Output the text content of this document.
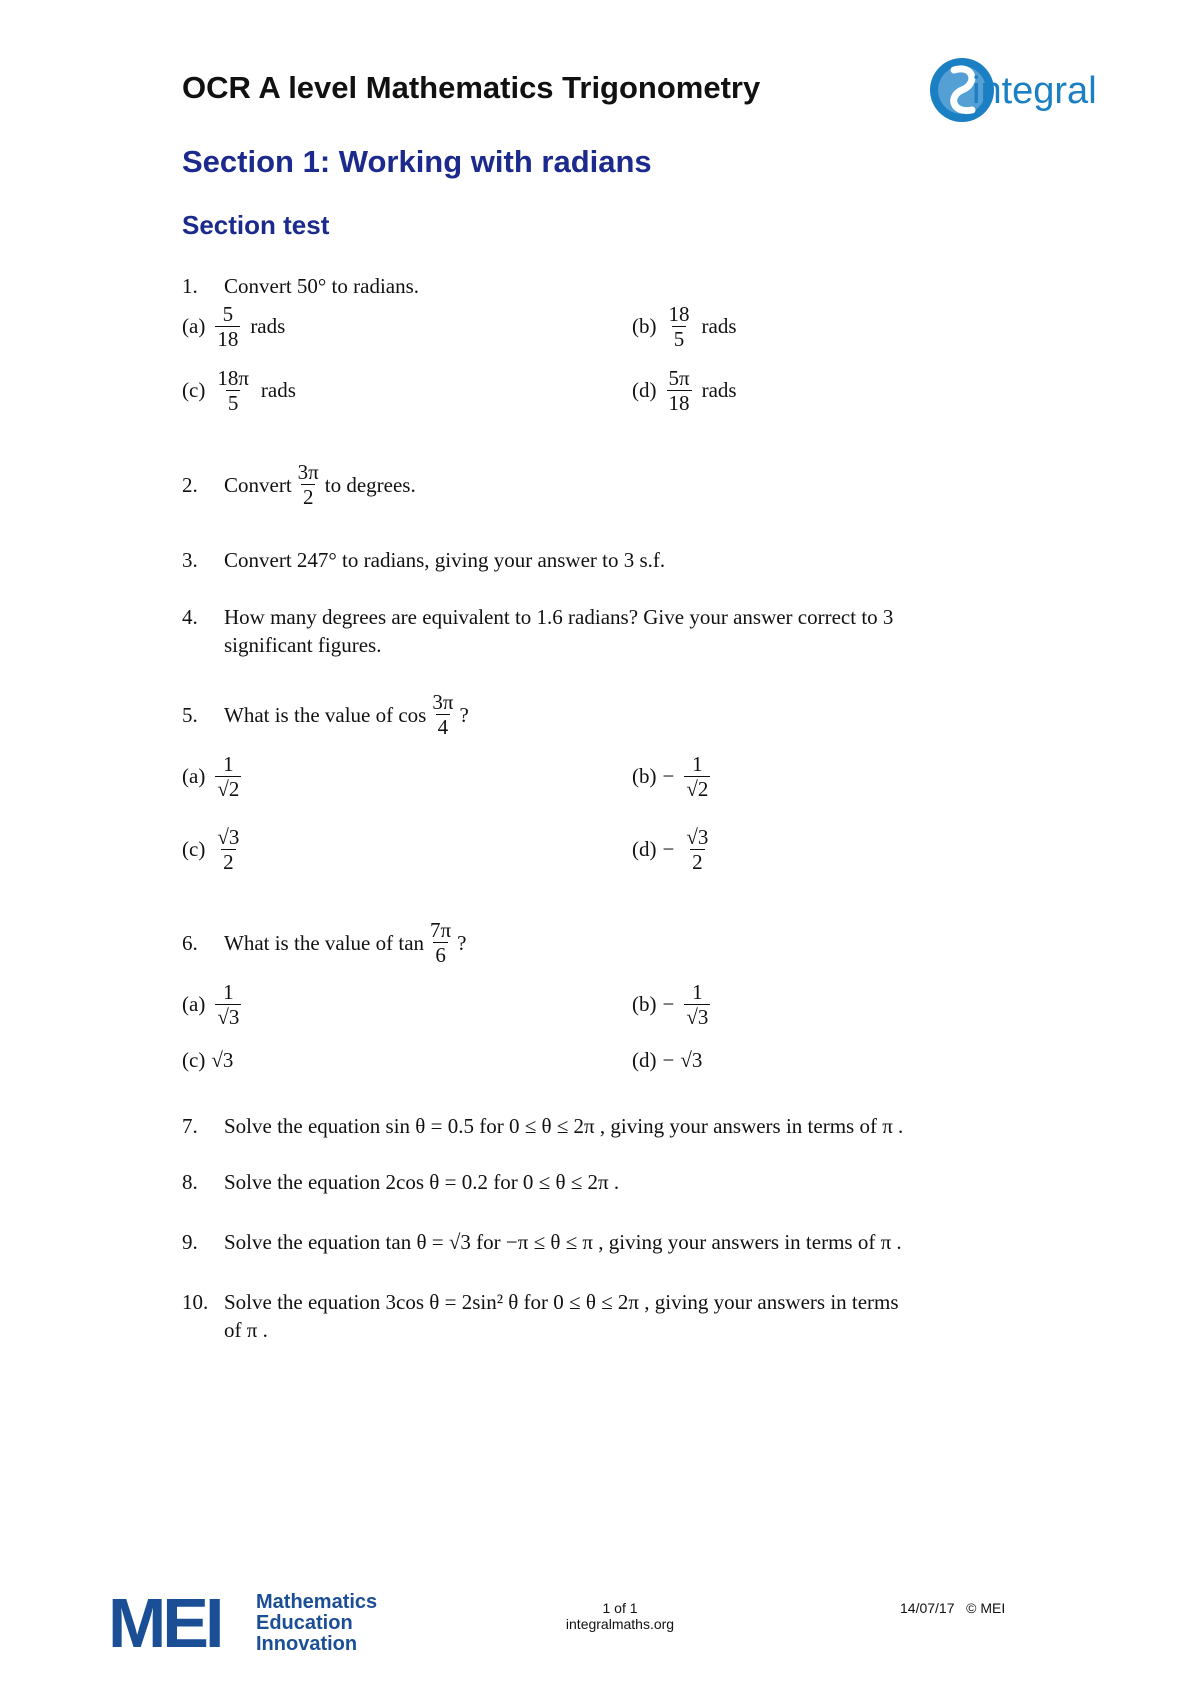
OCR A level Mathematics Trigonometry	integral
Section 1: Working with radians
Section test
1. Convert 50° to radians.
$(a) \frac{5}{18}$ rads	$(b) \frac{18}{5}$ rads
$(c) \frac{18\pi}{5}$ rads	$(d) \frac{5\pi}{18}$ rads
2.	Convert $\frac{3\pi}{2}$ to degrees.
3. Convert 247° to radians, giving your answer to 3 s.f.
4. How many degrees are equivalent to 1.6 radians? Give your answer correct to 3
significant figures.
5.	What is the value of $\cos \frac{3\pi}{4}$ ?
(a) 1
√ 2	(b) − 1
√ 2
(c) √ $\frac{3}{2}$	(d) − √ $\frac{3}{2}$
6.	What is the value of $\tan \frac{7\pi}{6}$ ?
(a) 1
√ 3	(b) − 1
√ 3
(c) √ 3	(d) − √ 3
7. Solve the equation sin θ = 0.5 for 0 ≤ θ ≤ 2π , giving your answers in terms of π .
8. Solve the equation 2cos θ = 0.2 for 0 ≤ θ ≤ 2π .
9. Solve the equation tan θ = √ 3 for −π ≤ θ ≤ π , giving your answers in terms of π .
10. Solve the equation 3cos θ = 2sin² θ for 0 ≤ θ ≤ 2π , giving your answers in terms
of π .
MEI Mathematics
Education
Innovation
1 of 1
integralmaths.org
14/07/17   © MEI
